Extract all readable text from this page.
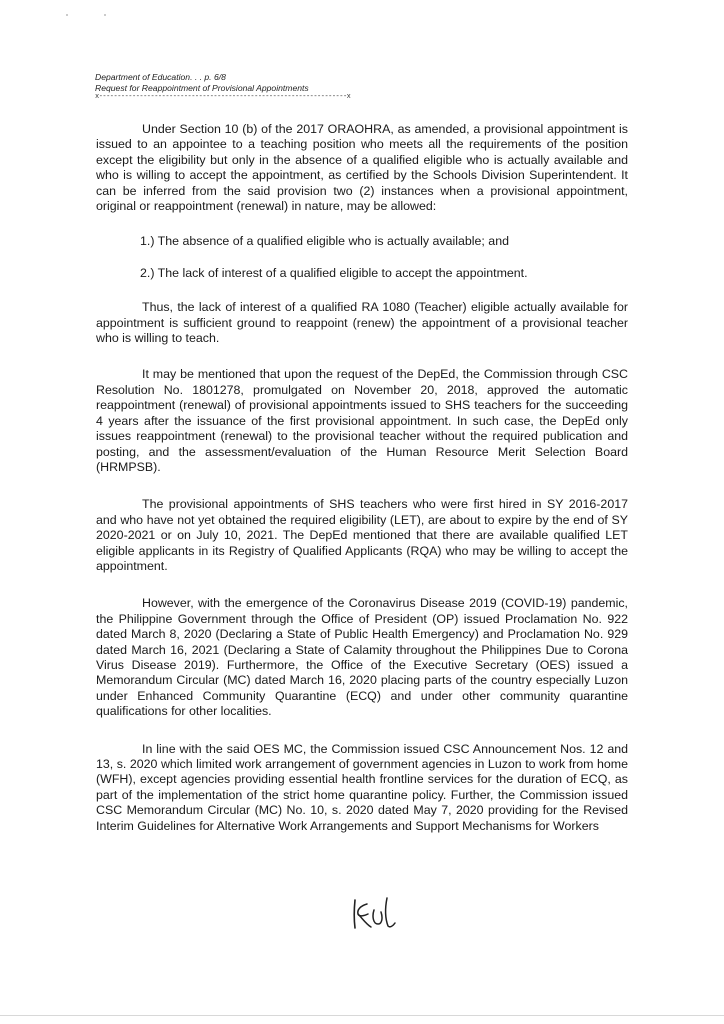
Department of Education. . . p. 6/8
Request for Reappointment of Provisional Appointments
x-------------------------------------------------------------------x

Under Section 10 (b) of the 2017 ORAOHRA, as amended, a provisional appointment is issued to an appointee to a teaching position who meets all the requirements of the position except the eligibility but only in the absence of a qualified eligible who is actually available and who is willing to accept the appointment, as certified by the Schools Division Superintendent. It can be inferred from the said provision two (2) instances when a provisional appointment, original or reappointment (renewal) in nature, may be allowed:

1.) The absence of a qualified eligible who is actually available; and
2.) The lack of interest of a qualified eligible to accept the appointment.

Thus, the lack of interest of a qualified RA 1080 (Teacher) eligible actually available for appointment is sufficient ground to reappoint (renew) the appointment of a provisional teacher who is willing to teach.

It may be mentioned that upon the request of the DepEd, the Commission through CSC Resolution No. 1801278, promulgated on November 20, 2018, approved the automatic reappointment (renewal) of provisional appointments issued to SHS teachers for the succeeding 4 years after the issuance of the first provisional appointment. In such case, the DepEd only issues reappointment (renewal) to the provisional teacher without the required publication and posting, and the assessment/evaluation of the Human Resource Merit Selection Board (HRMPSB).

The provisional appointments of SHS teachers who were first hired in SY 2016-2017 and who have not yet obtained the required eligibility (LET), are about to expire by the end of SY 2020-2021 or on July 10, 2021. The DepEd mentioned that there are available qualified LET eligible applicants in its Registry of Qualified Applicants (RQA) who may be willing to accept the appointment.

However, with the emergence of the Coronavirus Disease 2019 (COVID-19) pandemic, the Philippine Government through the Office of President (OP) issued Proclamation No. 922 dated March 8, 2020 (Declaring a State of Public Health Emergency) and Proclamation No. 929 dated March 16, 2021 (Declaring a State of Calamity throughout the Philippines Due to Corona Virus Disease 2019). Furthermore, the Office of the Executive Secretary (OES) issued a Memorandum Circular (MC) dated March 16, 2020 placing parts of the country especially Luzon under Enhanced Community Quarantine (ECQ) and under other community quarantine qualifications for other localities.

In line with the said OES MC, the Commission issued CSC Announcement Nos. 12 and 13, s. 2020 which limited work arrangement of government agencies in Luzon to work from home (WFH), except agencies providing essential health frontline services for the duration of ECQ, as part of the implementation of the strict home quarantine policy. Further, the Commission issued CSC Memorandum Circular (MC) No. 10, s. 2020 dated May 7, 2020 providing for the Revised Interim Guidelines for Alternative Work Arrangements and Support Mechanisms for Workers
